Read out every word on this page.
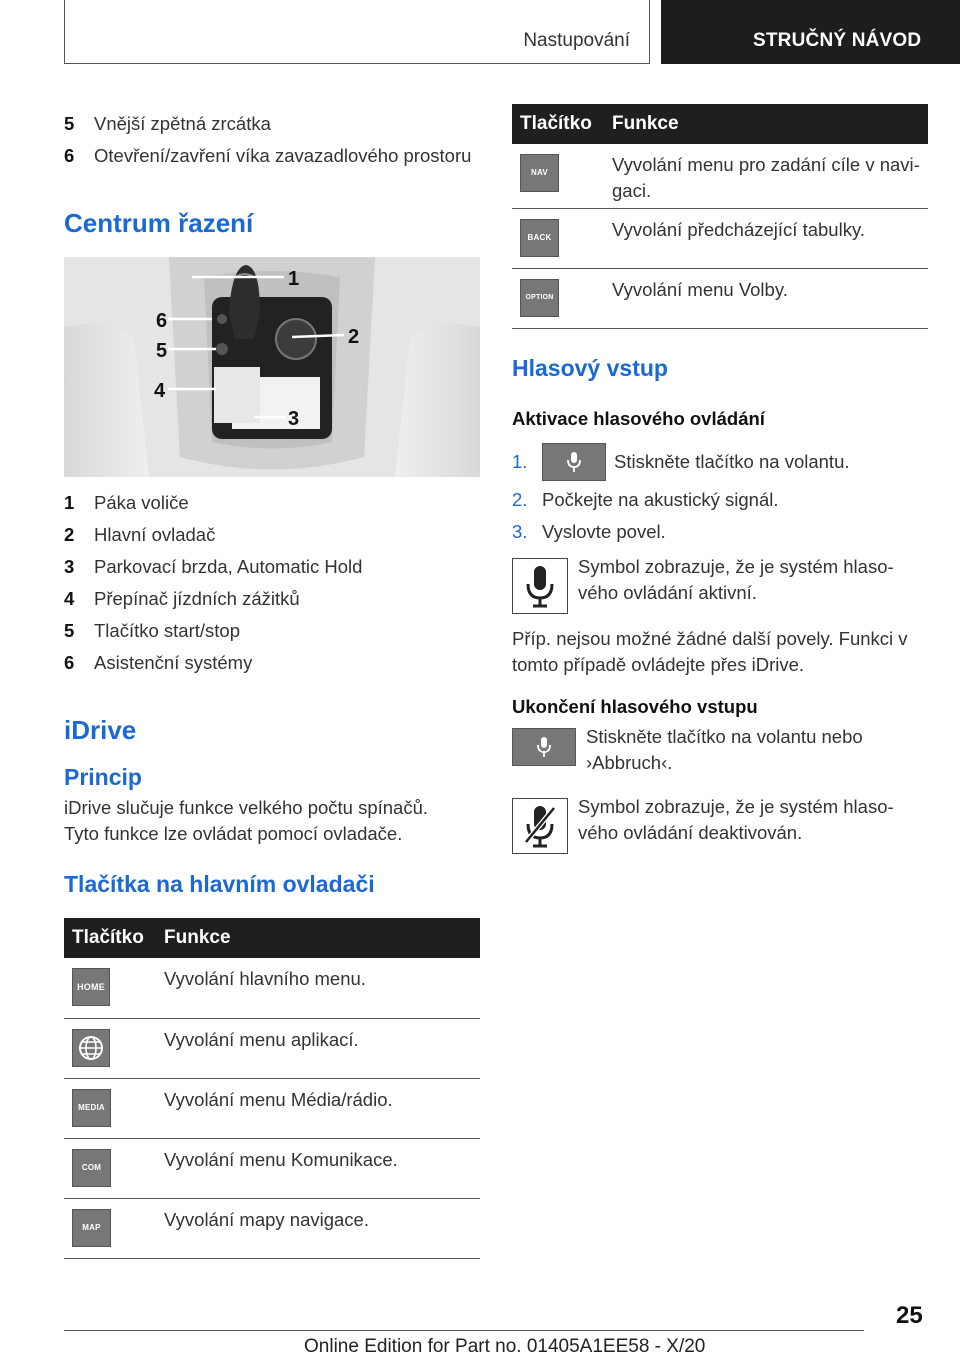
Nastupování	STRUČNÝ NÁVOD
5	Vnější zpětná zrcátka
6	Otevření/zavření víka zavazadlového prostoru
Centrum řazení
1
2
3
4
5
6
1	Páka voliče
2	Hlavní ovladač
3	Parkovací brzda, Automatic Hold
4	Přepínač jízdních zážitků
5	Tlačítko start/stop
6	Asistenční systémy
iDrive
Princip

iDrive slučuje funkce velkého počtu spínačů. Tyto funkce lze ovládat pomocí ovladače.

Tlačítka na hlavním ovladači
Tlačítko	Funkce

HOME	Vyvolání hlavního menu.

	Vyvolání menu aplikací.

MEDIA	Vyvolání menu Média/rádio.

COM	Vyvolání menu Komunikace.

MAP	Vyvolání mapy navigace.
Tlačítko	Funkce

NAV	Vyvolání menu pro zadání cíle v navigaci.

BACK	Vyvolání předcházející tabulky.

OPTION	Vyvolání menu Volby.
Hlasový vstup
Aktivace hlasového ovládání
1.	Stiskněte tlačítko na volantu.
2. Počkejte na akustický signál.
3. Vyslovte povel.

Symbol zobrazuje, že je systém hlasového ovládání aktivní.

Příp. nejsou možné žádné další povely. Funkci v tomto případě ovládejte přes iDrive.

Ukončení hlasového vstupu

Stiskněte tlačítko na volantu nebo ›Abbruch‹.

Symbol zobrazuje, že je systém hlasového ovládání deaktivován.

25
Online Edition for Part no. 01405A1EE58 - X/20
